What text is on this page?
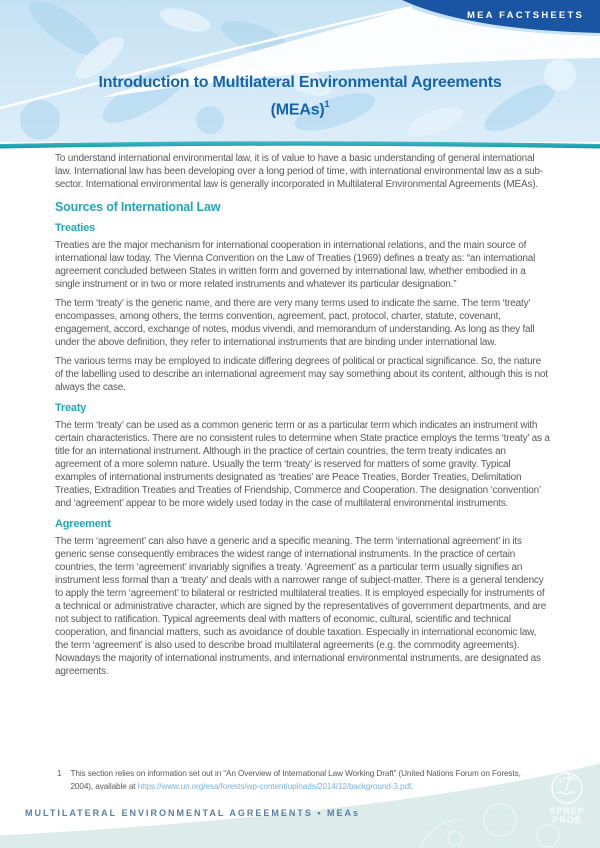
MEA FACTSHEETS
Introduction to Multilateral Environmental Agreements (MEAs)$^1$

To understand international environmental law, it is of value to have a basic understanding of general international law. International law has been developing over a long period of time, with international environmental law as a sub-sector. International environmental law is generally incorporated in Multilateral Environmental Agreements (MEAs).

Sources of International Law
Treaties

Treaties are the major mechanism for international cooperation in international relations, and the main source of international law today. The Vienna Convention on the Law of Treaties (1969) defines a treaty as: “an international agreement concluded between States in written form and governed by international law, whether embodied in a single instrument or in two or more related instruments and whatever its particular designation.”

The term ‘treaty’ is the generic name, and there are very many terms used to indicate the same. The term ‘treaty’ encompasses, among others, the terms convention, agreement, pact, protocol, charter, statute, covenant, engagement, accord, exchange of notes, modus vivendi, and memorandum of understanding. As long as they fall under the above definition, they refer to international instruments that are binding under international law.

The various terms may be employed to indicate differing degrees of political or practical significance. So, the nature of the labelling used to describe an international agreement may say something about its content, although this is not always the case.

Treaty

The term ‘treaty’ can be used as a common generic term or as a particular term which indicates an instrument with certain characteristics. There are no consistent rules to determine when State practice employs the terms ‘treaty’ as a title for an international instrument. Although in the practice of certain countries, the term treaty indicates an agreement of a more solemn nature. Usually the term ‘treaty’ is reserved for matters of some gravity. Typical examples of international instruments designated as ‘treaties’ are Peace Treaties, Border Treaties, Delimitation Treaties, Extradition Treaties and Treaties of Friendship, Commerce and Cooperation. The designation ‘convention’ and ‘agreement’ appear to be more widely used today in the case of multilateral environmental instruments.

Agreement

The term ‘agreement’ can also have a generic and a specific meaning. The term ‘international agreement’ in its generic sense consequently embraces the widest range of international instruments. In the practice of certain countries, the term ‘agreement’ invariably signifies a treaty. ‘Agreement’ as a particular term usually signifies an instrument less formal than a ‘treaty’ and deals with a narrower range of subject-matter. There is a general tendency to apply the term ‘agreement’ to bilateral or restricted multilateral treaties. It is employed especially for instruments of a technical or administrative character, which are signed by the representatives of government departments, and are not subject to ratification. Typical agreements deal with matters of economic, cultural, scientific and technical cooperation, and financial matters, such as avoidance of double taxation. Especially in international economic law, the term ‘agreement’ is also used to describe broad multilateral agreements (e.g. the commodity agreements). Nowadays the majority of international instruments, and international environmental instruments, are designated as agreements.

1 This section relies on information set out in “An Overview of International Law Working Draft” (United Nations Forum on Forests, 2004), available at https://www.un.org/esa/forests/wp-content/uploads/2014/12/background-3.pdf.

MULTILATERAL ENVIRONMENTAL AGREEMENTS • MEAs	SPREP
PROE
